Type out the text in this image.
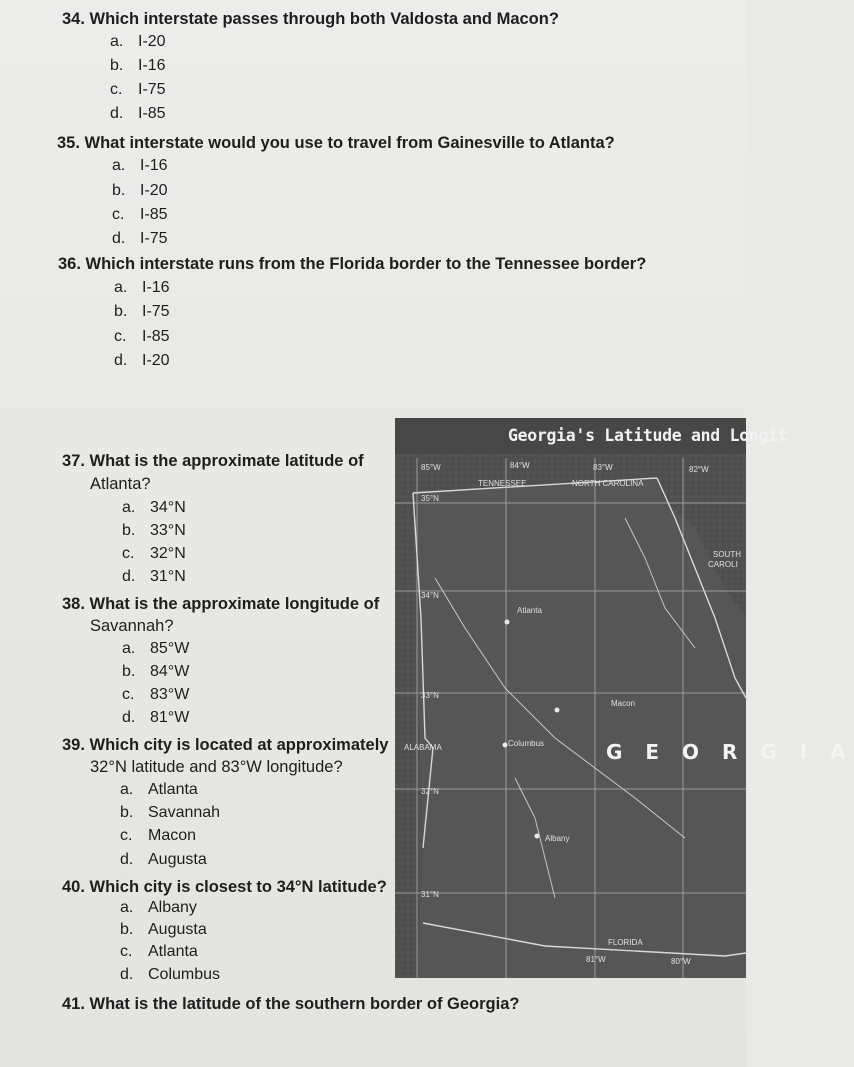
34. Which interstate passes through both Valdosta and Macon?
a. I-20
b. I-16
c. I-75
d. I-85
35. What interstate would you use to travel from Gainesville to Atlanta?
a. I-16
b. I-20
c. I-85
d. I-75
36. Which interstate runs from the Florida border to the Tennessee border?
a. I-16
b. I-75
c. I-85
d. I-20
37. What is the approximate latitude of
Atlanta?
a. 34°N
b. 33°N
c. 32°N
d. 31°N
38. What is the approximate longitude of
Savannah?
a. 85°W
b. 84°W
c. 83°W
d. 81°W
39. Which city is located at approximately
32°N latitude and 83°W longitude?
a. Atlanta
b. Savannah
c. Macon
d. Augusta
40. Which city is closest to 34°N latitude?
a. Albany
b. Augusta
c. Atlanta
d. Columbus
41. What is the latitude of the southern border of Georgia?
Georgia's Latitude and Longit
TENNESSEE	NORTH CAROLINA
SOUTH
CAROLI
ALABAMA
FLORIDA
Atlanta
Macon
Columbus
Albany
35°N
34°N
33°N
32°N
31°N
85°W	84°W	83°W	82°W
81°W	80°W
G E O R G I A
